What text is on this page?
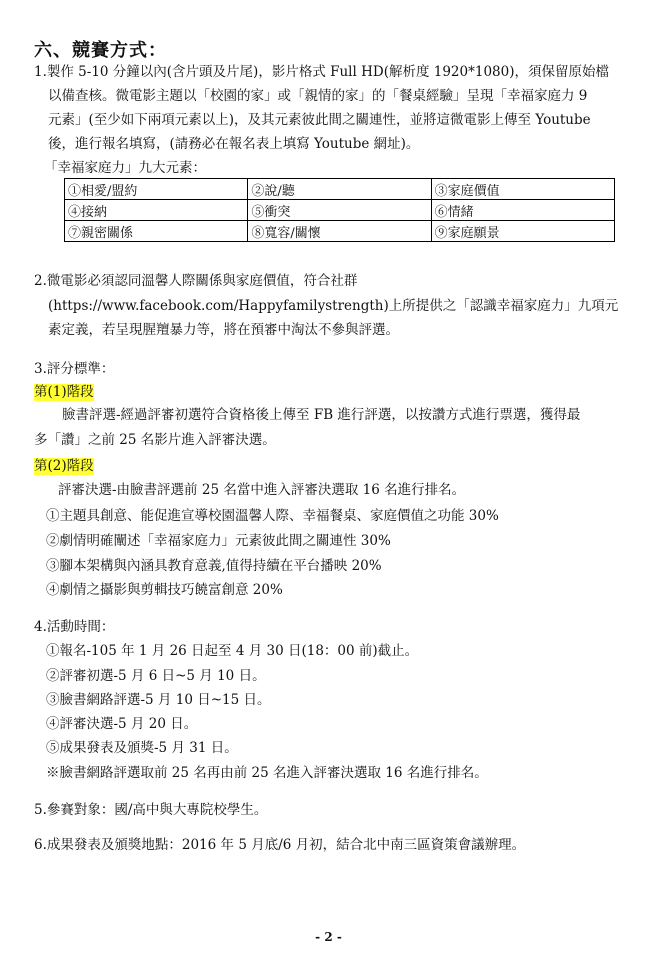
六、競賽方式：
1.製作 5-10 分鐘以內(含片頭及片尾)，影片格式 Full HD(解析度 1920*1080)，須保留原始檔
以備查核。微電影主題以「校園的家」或「親情的家」的「餐桌經驗」呈現「幸福家庭力 9
元素」(至少如下兩項元素以上)，及其元素彼此間之關連性，並將這微電影上傳至 Youtube
後，進行報名填寫，(請務必在報名表上填寫 Youtube 網址)。
「幸福家庭力」九大元素：
①相愛/盟約	②說/聽	③家庭價值
④接納	⑤衝突	⑥情緒
⑦親密關係	⑧寬容/關懷	⑨家庭願景
2.微電影必須認同溫馨人際關係與家庭價值，符合社群
(https://www.facebook.com/Happyfamilystrength)上所提供之「認識幸福家庭力」九項元
素定義，若呈現腥羶暴力等，將在預審中淘汰不參與評選。
3.評分標準：
第(1)階段
臉書評選-經過評審初選符合資格後上傳至 FB 進行評選，以按讚方式進行票選，獲得最
多「讚」之前 25 名影片進入評審決選。
第(2)階段
評審決選-由臉書評選前 25 名當中進入評審決選取 16 名進行排名。
①主題具創意、能促進宣導校園溫馨人際、幸福餐桌、家庭價值之功能 30%
②劇情明確闡述「幸福家庭力」元素彼此間之關連性 30%
③腳本架構與內涵具教育意義,值得持續在平台播映 20%
④劇情之攝影與剪輯技巧饒富創意 20%
4.活動時間：
①報名-105 年 1 月 26 日起至 4 月 30 日(18：00 前)截止。
②評審初選-5 月 6 日~5 月 10 日。
③臉書網路評選-5 月 10 日~15 日。
④評審決選-5 月 20 日。
⑤成果發表及頒獎-5 月 31 日。
※臉書網路評選取前 25 名再由前 25 名進入評審決選取 16 名進行排名。
5.參賽對象：國/高中與大專院校學生。
6.成果發表及頒獎地點：2016 年 5 月底/6 月初，結合北中南三區資策會議辦理。
- 2 -
